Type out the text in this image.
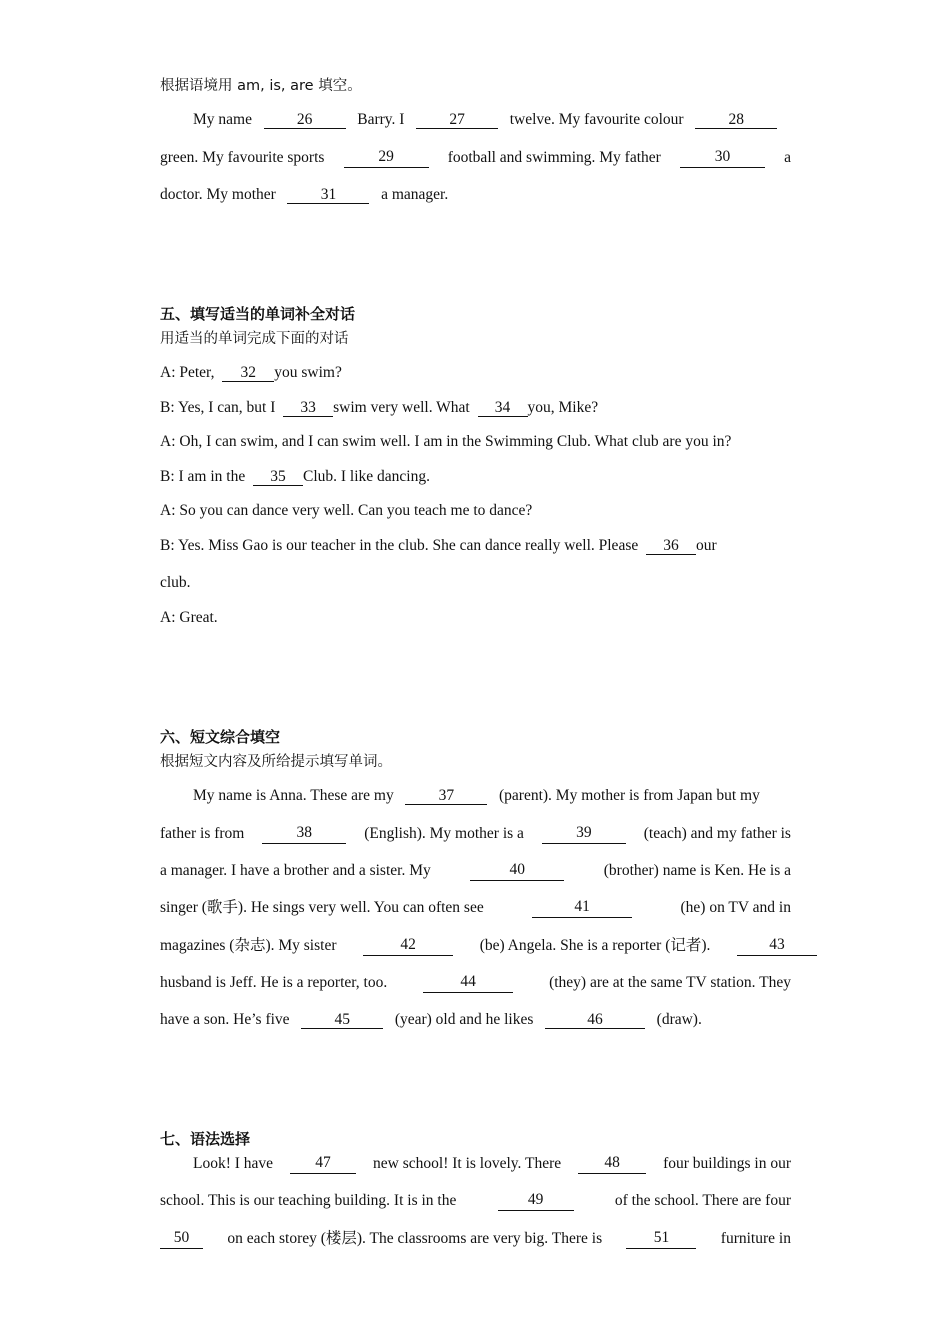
根据语境用 am, is, are 填空。
My name	26	Barry. I	27	twelve. My favourite colour	28
green. My favourite sports	29	football and swimming. My father	30	a
doctor. My mother	31	a manager.
五、填写适当的单词补全对话
用适当的单词完成下面的对话
A: Peter, 32 you swim?
B: Yes, I can, but I 33 swim very well. What 34 you, Mike?
A: Oh, I can swim, and I can swim well. I am in the Swimming Club. What club are you in?
B: I am in the 35 Club. I like dancing.
A: So you can dance very well. Can you teach me to dance?
B: Yes. Miss Gao is our teacher in the club. She can dance really well. Please 36 our
club.
A: Great.
六、短文综合填空
根据短文内容及所给提示填写单词。
My name is Anna. These are my	37	(parent). My mother is from Japan but my
father is from	38	(English). My mother is a	39	(teach) and my father is
a manager. I have a brother and a sister. My	40	(brother) name is Ken. He is a
singer (歌手). He sings very well. You can often see	41	(he) on TV and in
magazines (杂志). My sister	42	(be) Angela. She is a reporter (记者).	43
husband is Jeff. He is a reporter, too.	44	(they) are at the same TV station. They
have a son. He’s five	45	(year) old and he likes	46	(draw).
七、语法选择
Look! I have	47	new school! It is lovely. There	48	four buildings in our
school. This is our teaching building. It is in the	49	of the school. There are four
50	on each storey (楼层). The classrooms are very big. There is	51	furniture in
